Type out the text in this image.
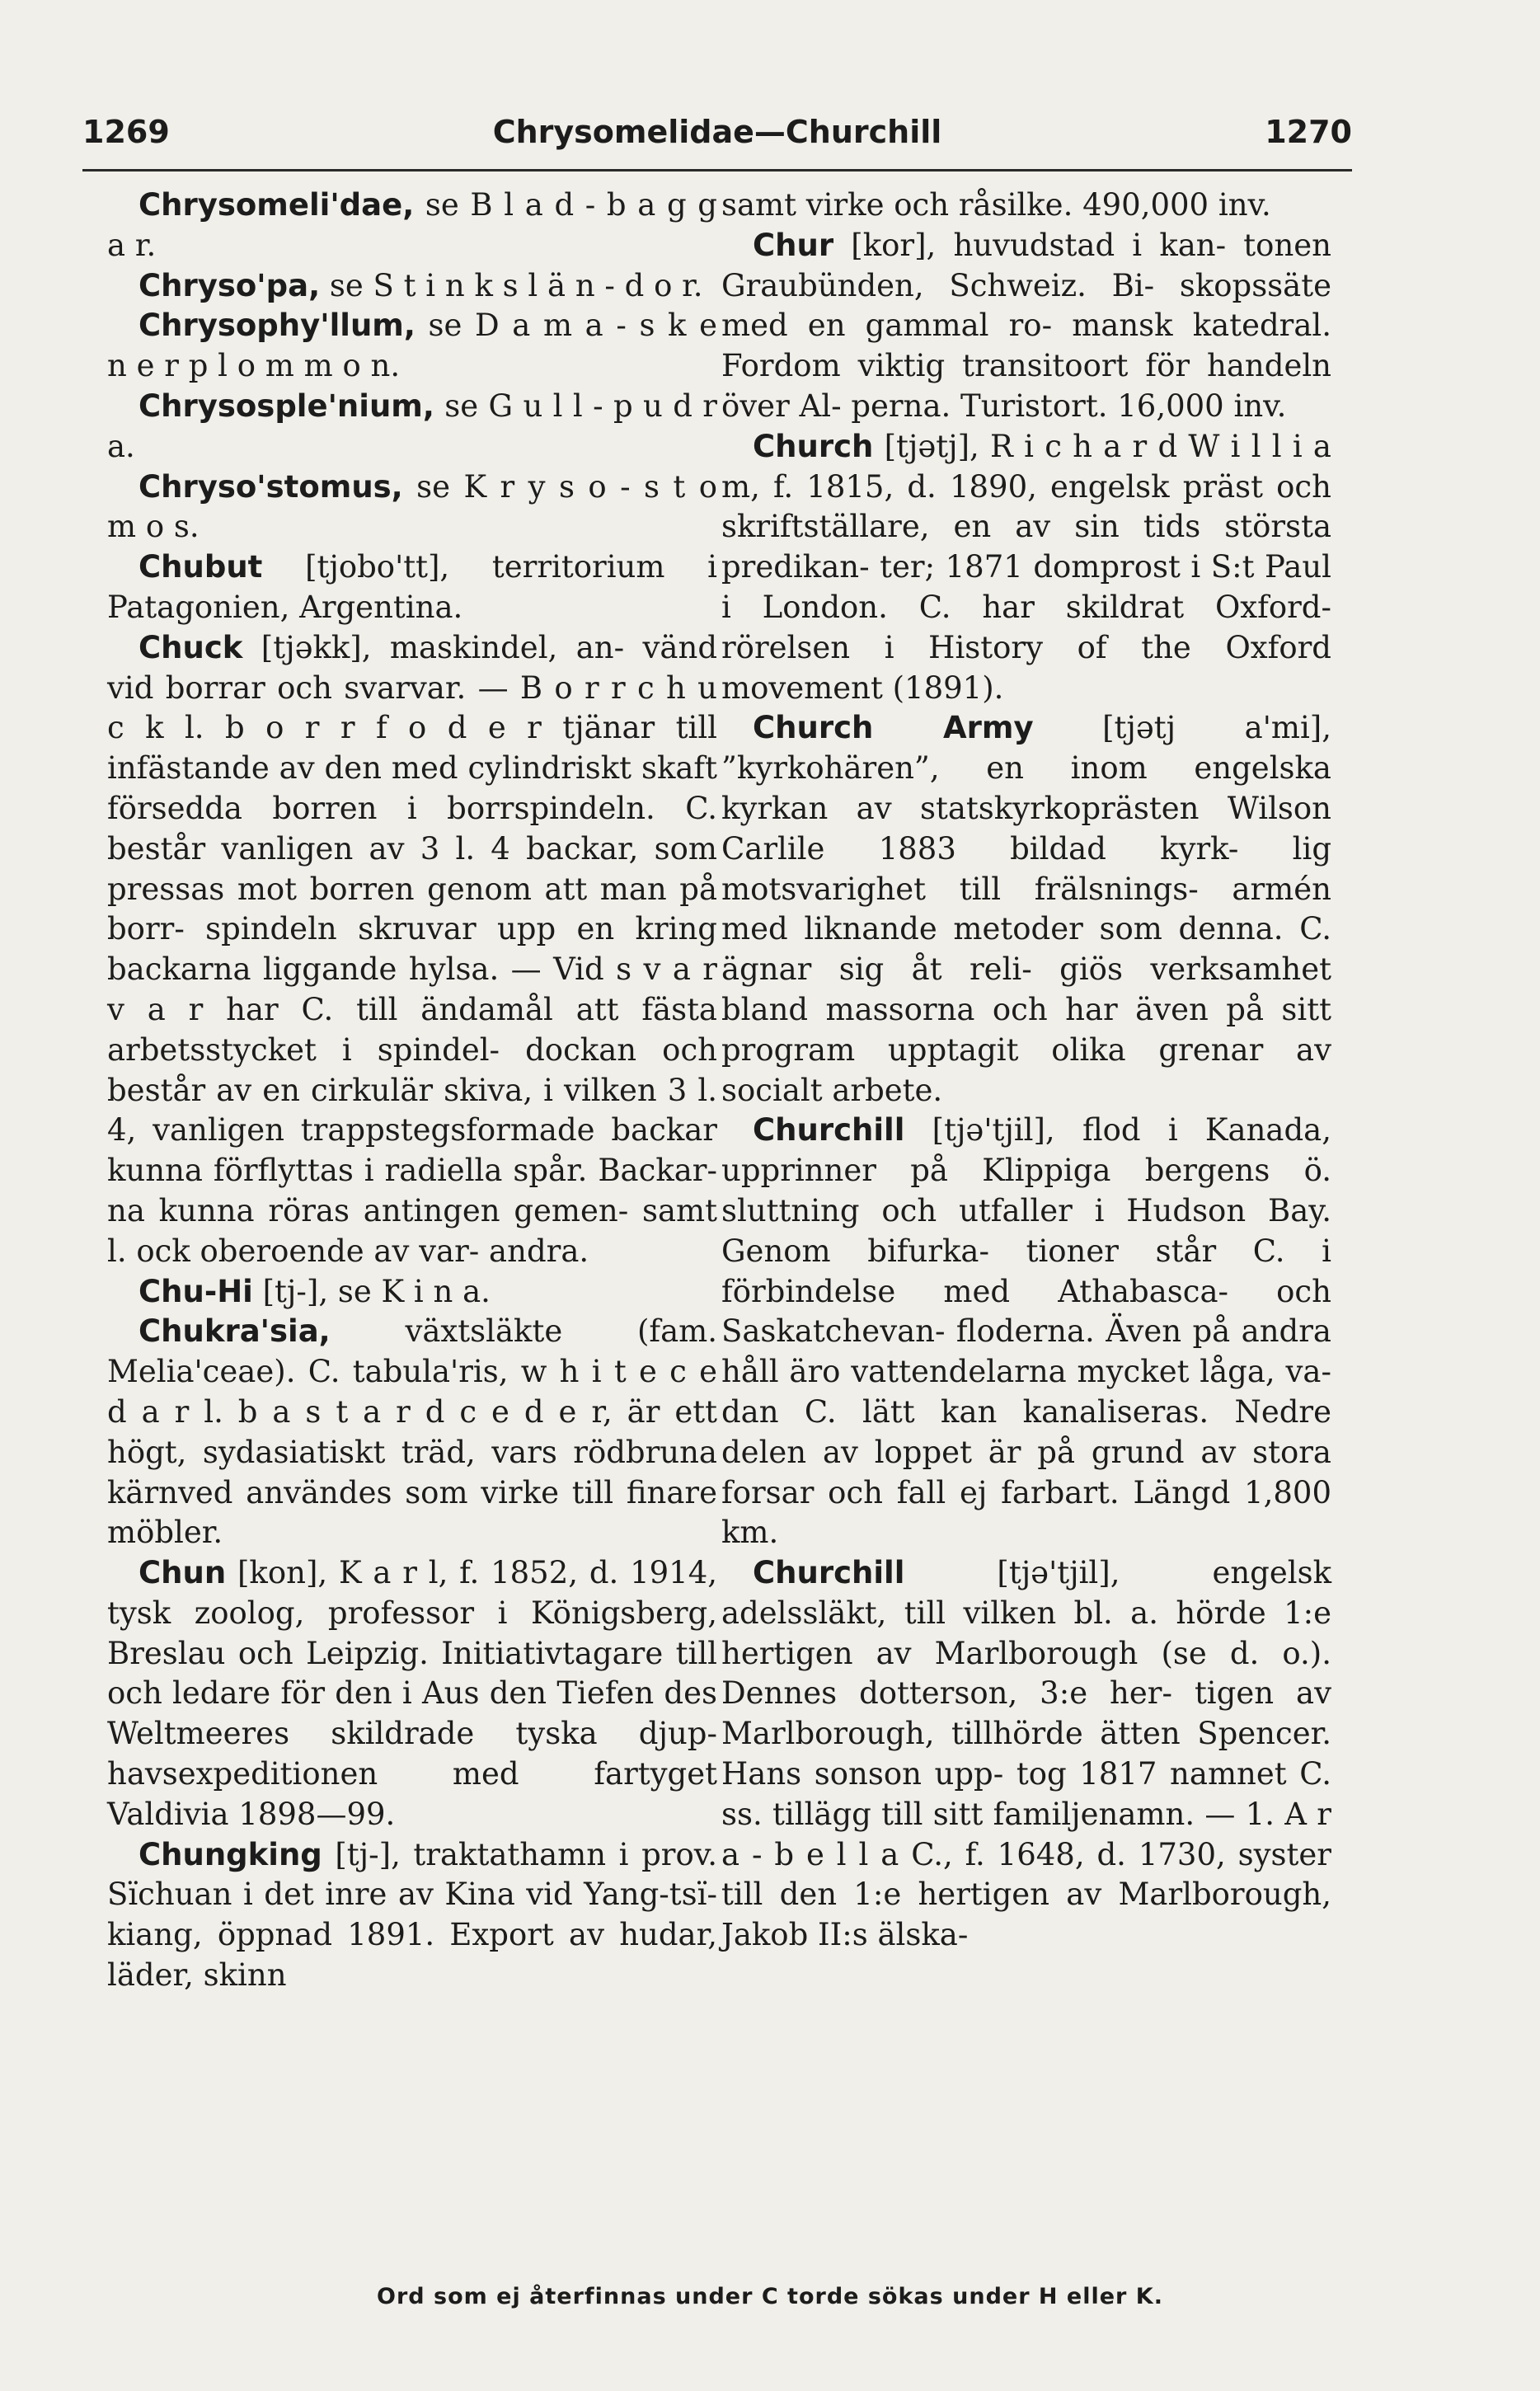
1269	Chrysomelidae—Churchill	1270

Chrysomeli'dae, se B l a d - b a g g a r.

Chryso'pa, se S t i n k s l ä n - d o r.

Chrysophy'llum, se D a m a - s k e n e r p l o m m o n.

Chrysosple'nium, se G u l l - p u d r a.

Chryso'stomus, se K r y s o - s t o m o s.

Chubut [tjobo'tt], territorium i Patagonien, Argentina.

Chuck [tjəkk], maskindel, an- vänd vid borrar och svarvar. — B o r r c h u c k l. b o r r f o d e r tjänar till infästande av den med cylindriskt skaft försedda borren i borrspindeln. C. består vanligen av 3 l. 4 backar, som pressas mot borren genom att man på borr- spindeln skruvar upp en kring backarna liggande hylsa. — Vid s v a r v a r har C. till ändamål att fästa arbetsstycket i spindel- dockan och består av en cirkulär skiva, i vilken 3 l. 4, vanligen trappstegsformade backar kunna förflyttas i radiella spår. Backar- na kunna röras antingen gemen- samt l. ock oberoende av var- andra.

Chu-Hi [tj-], se K i n a.

Chukra'sia, växtsläkte (fam. Melia'ceae). C. tabula'ris, w h i t e c e d a r l. b a s t a r d c e d e r, är ett högt, sydasiatiskt träd, vars rödbruna kärnved användes som virke till finare möbler.

Chun [kon], K a r l, f. 1852, d. 1914, tysk zoolog, professor i Königsberg, Breslau och Leipzig. Initiativtagare till och ledare för den i Aus den Tiefen des Weltmeeres skildrade tyska djup- havsexpeditionen med fartyget Valdivia 1898—99.

Chungking [tj-], traktathamn i prov. Sïchuan i det inre av Kina vid Yang-tsï-kiang, öppnad 1891. Export av hudar, läder, skinn

samt virke och råsilke. 490,000 inv.

Chur [kor], huvudstad i kan- tonen Graubünden, Schweiz. Bi- skopssäte med en gammal ro- mansk katedral. Fordom viktig transitoort för handeln över Al- perna. Turistort. 16,000 inv.

Church [tjətj], R i c h a r d W i l l i a m, f. 1815, d. 1890, engelsk präst och skriftställare, en av sin tids största predikan- ter; 1871 domprost i S:t Paul i London. C. har skildrat Oxford- rörelsen i History of the Oxford movement (1891).

Church Army [tjətj a'mi], ”kyrkohären”, en inom engelska kyrkan av statskyrkoprästen Wilson Carlile 1883 bildad kyrk- lig motsvarighet till frälsnings- armén med liknande metoder som denna. C. ägnar sig åt reli- giös verksamhet bland massorna och har även på sitt program upptagit olika grenar av socialt arbete.

Churchill [tjə'tjil], flod i Kanada, upprinner på Klippiga bergens ö. sluttning och utfaller i Hudson Bay. Genom bifurka- tioner står C. i förbindelse med Athabasca- och Saskatchevan- floderna. Även på andra håll äro vattendelarna mycket låga, va- dan C. lätt kan kanaliseras. Nedre delen av loppet är på grund av stora forsar och fall ej farbart. Längd 1,800 km.

Churchill [tjə'tjil], engelsk adelssläkt, till vilken bl. a. hörde 1:e hertigen av Marlborough (se d. o.). Dennes dotterson, 3:e her- tigen av Marlborough, tillhörde ätten Spencer. Hans sonson upp- tog 1817 namnet C. ss. tillägg till sitt familjenamn. — 1. A r a - b e l l a C., f. 1648, d. 1730, syster till den 1:e hertigen av Marlborough, Jakob II:s älska-

Ord som ej återfinnas under C torde sökas under H eller K.
